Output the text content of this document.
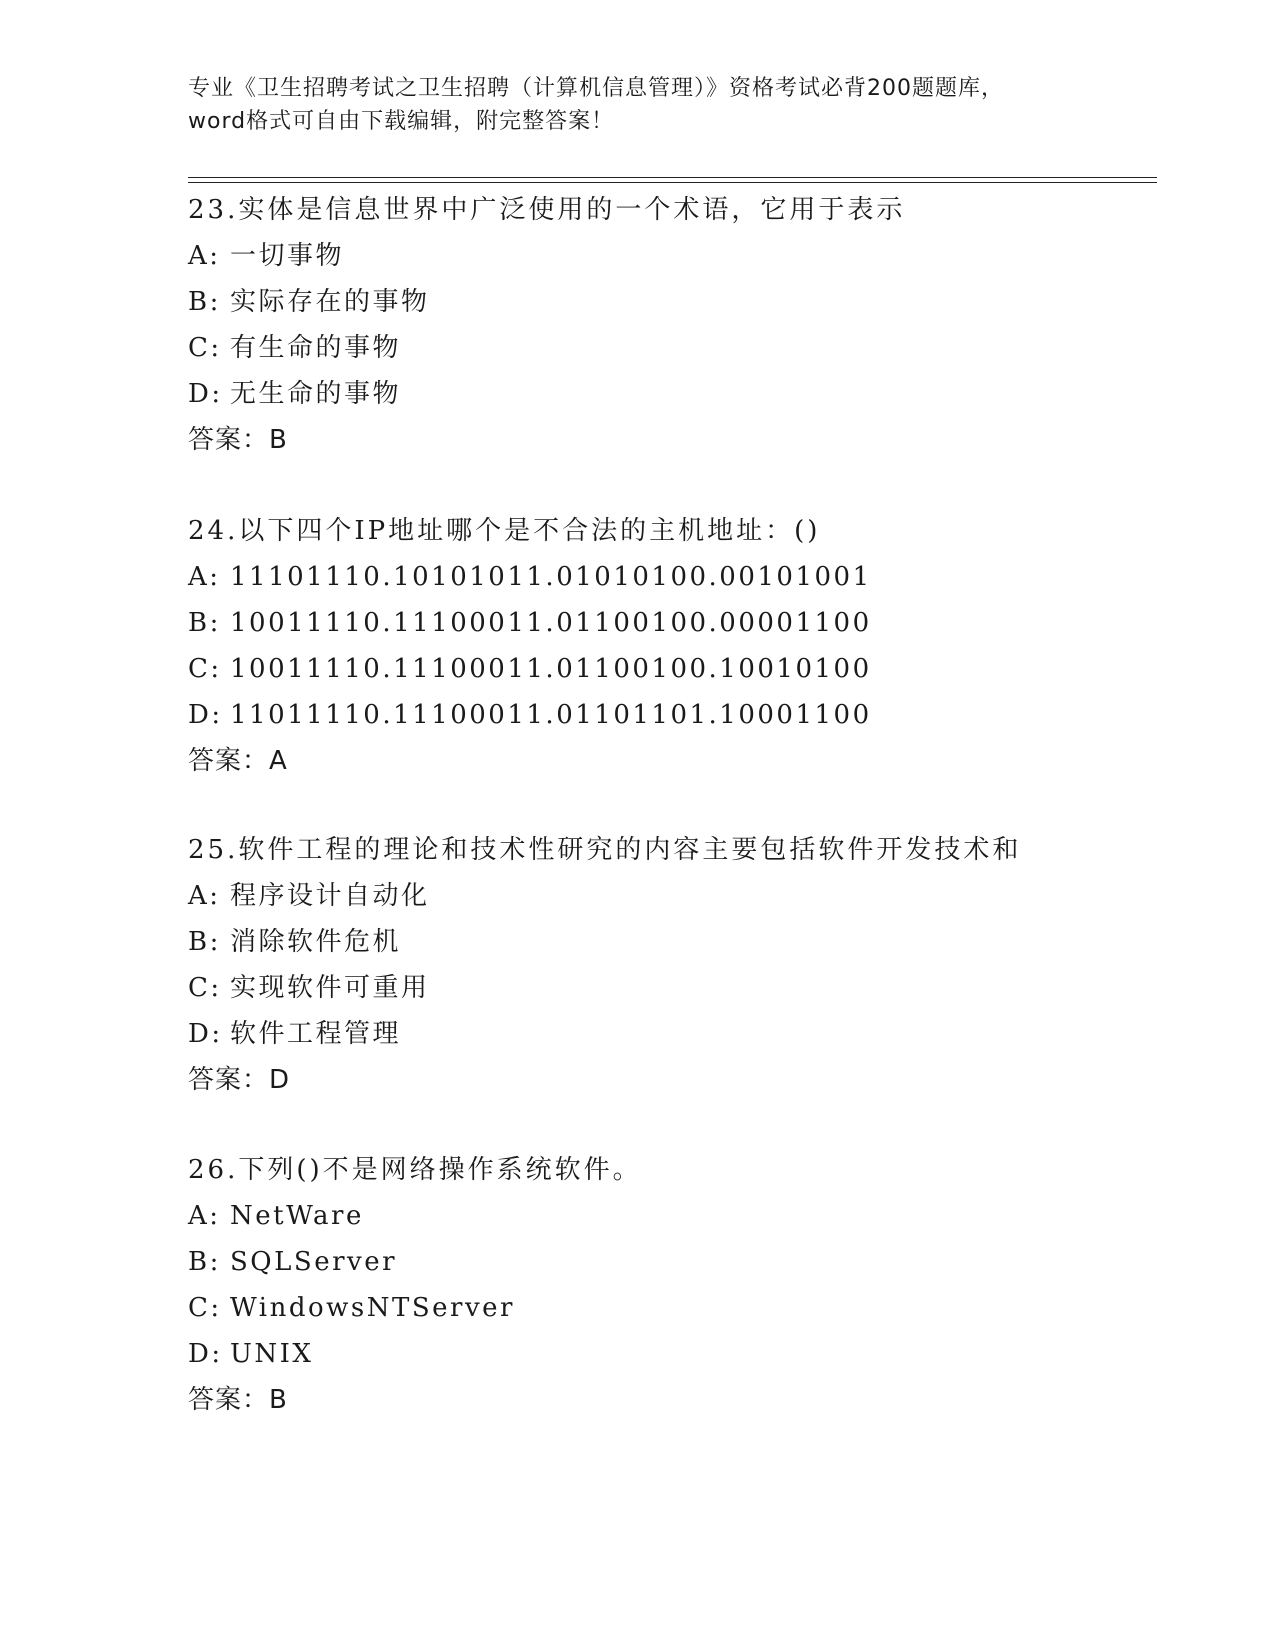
专业《卫生招聘考试之卫生招聘（计算机信息管理）》资格考试必背200题题库，
word格式可自由下载编辑，附完整答案！
23.实体是信息世界中广泛使用的一个术语，它用于表示
A: 一切事物
B: 实际存在的事物
C: 有生命的事物
D: 无生命的事物
答案：B
24.以下四个IP地址哪个是不合法的主机地址：()
A: 11101110.10101011.01010100.00101001
B: 10011110.11100011.01100100.00001100
C: 10011110.11100011.01100100.10010100
D: 11011110.11100011.01101101.10001100
答案：A
25.软件工程的理论和技术性研究的内容主要包括软件开发技术和
A: 程序设计自动化
B: 消除软件危机
C: 实现软件可重用
D: 软件工程管理
答案：D
26.下列()不是网络操作系统软件。
A: NetWare
B: SQLServer
C: WindowsNTServer
D: UNIX
答案：B
